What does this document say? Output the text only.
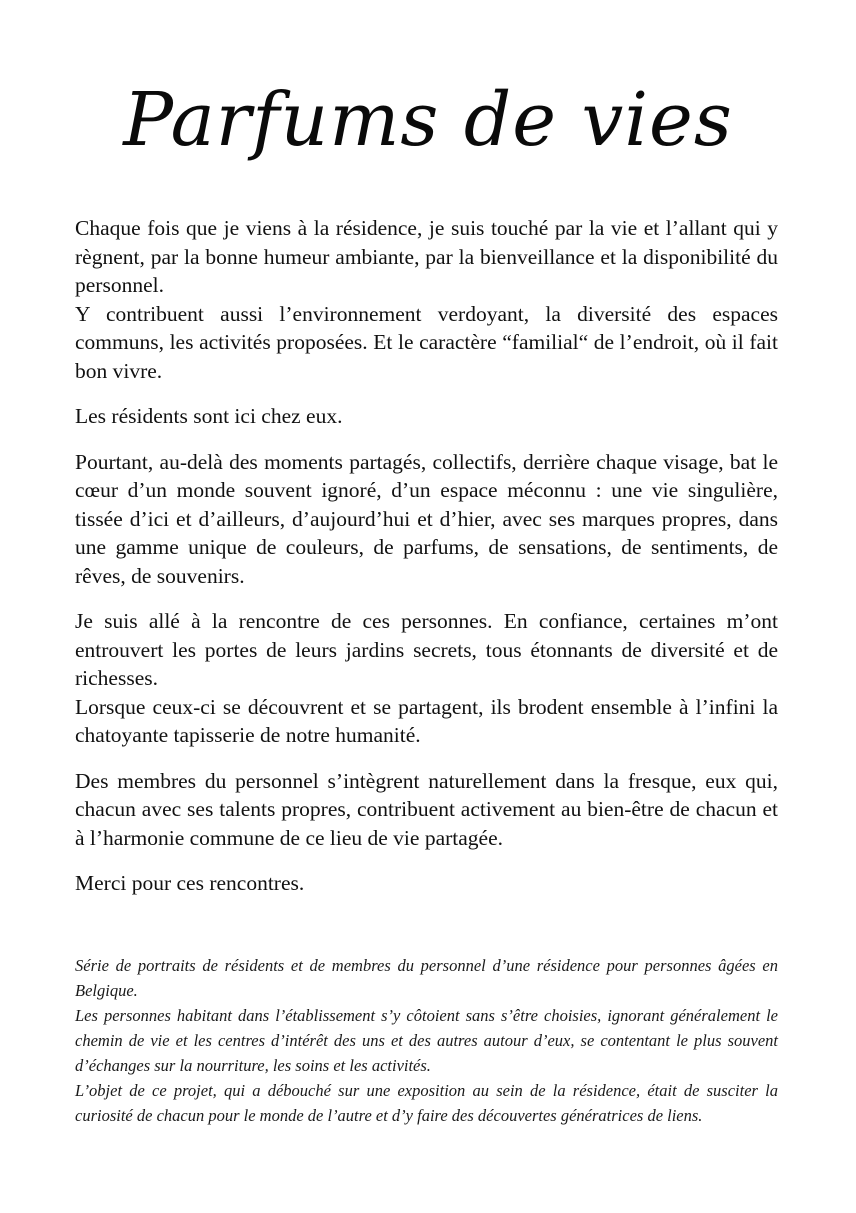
Parfums de vies

Chaque fois que je viens à la résidence, je suis touché par la vie et l’allant qui y règnent, par la bonne humeur ambiante, par la bienveillance et la disponibilité du personnel.
Y contribuent aussi l’environnement verdoyant, la diversité des espaces communs, les activités proposées. Et le caractère “familial“ de l’endroit, où il fait bon vivre.

Les résidents sont ici chez eux.

Pourtant, au-delà des moments partagés, collectifs, derrière chaque visage, bat le cœur d’un monde souvent ignoré, d’un espace méconnu : une vie singulière, tissée d’ici et d’ailleurs, d’aujourd’hui et d’hier, avec ses marques propres, dans une gamme unique de couleurs, de parfums, de sensations, de sentiments, de rêves, de souvenirs.

Je suis allé à la rencontre de ces personnes. En confiance, certaines m’ont entrouvert les portes de leurs jardins secrets, tous étonnants de diversité et de richesses.
Lorsque ceux-ci se découvrent et se partagent, ils brodent ensemble à l’infini la chatoyante tapisserie de notre humanité.

Des membres du personnel s’intègrent naturellement dans la fresque, eux qui, chacun avec ses talents propres, contribuent activement au bien-être de chacun et à l’harmonie commune de ce lieu de vie partagée.

Merci pour ces rencontres.

Série de portraits de résidents et de membres du personnel d’une résidence pour personnes âgées en Belgique.
Les personnes habitant dans l’établissement s’y côtoient sans s’être choisies, ignorant généralement le chemin de vie et les centres d’intérêt des uns et des autres autour d’eux, se contentant le plus souvent d’échanges sur la nourriture, les soins et les activités.
L’objet de ce projet, qui a débouché sur une exposition au sein de la résidence, était de susciter la curiosité de chacun pour le monde de l’autre et d’y faire des découvertes génératrices de liens.
